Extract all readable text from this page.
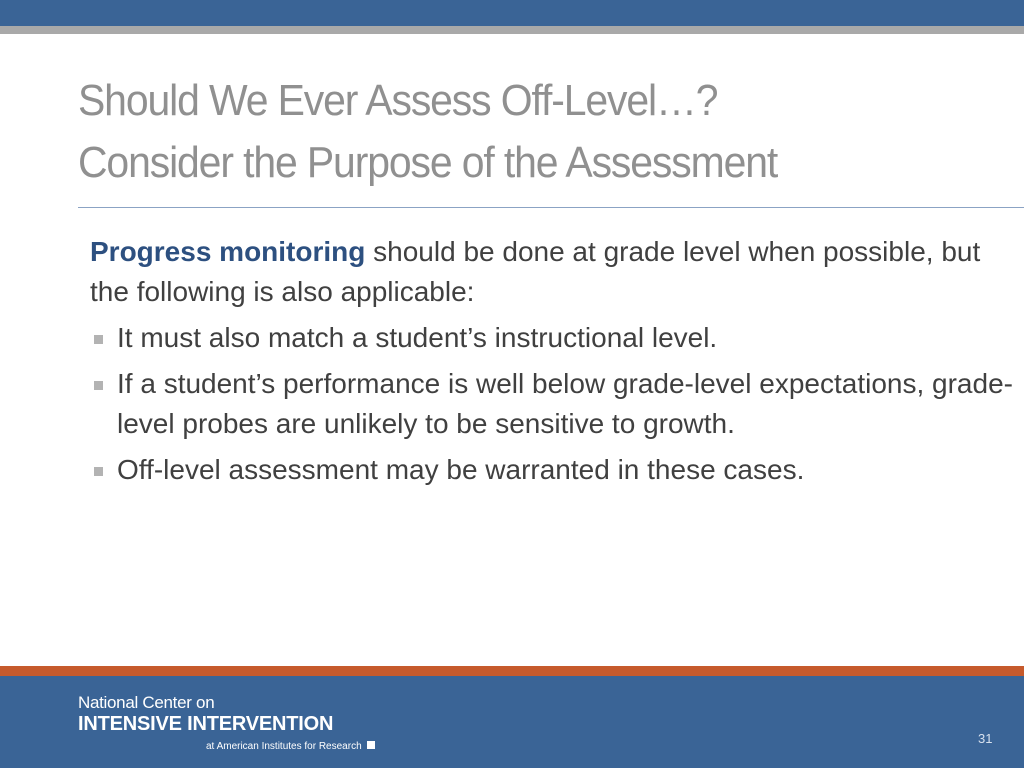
Should We Ever Assess Off-Level…?
Consider the Purpose of the Assessment

Progress monitoring should be done at grade level when possible, but the following is also applicable:

It must also match a student’s instructional level.
If a student’s performance is well below grade-level expectations, grade-level probes are unlikely to be sensitive to growth.
Off-level assessment may be warranted in these cases.
National Center on
INTENSIVE INTERVENTION
at American Institutes for Research
31
